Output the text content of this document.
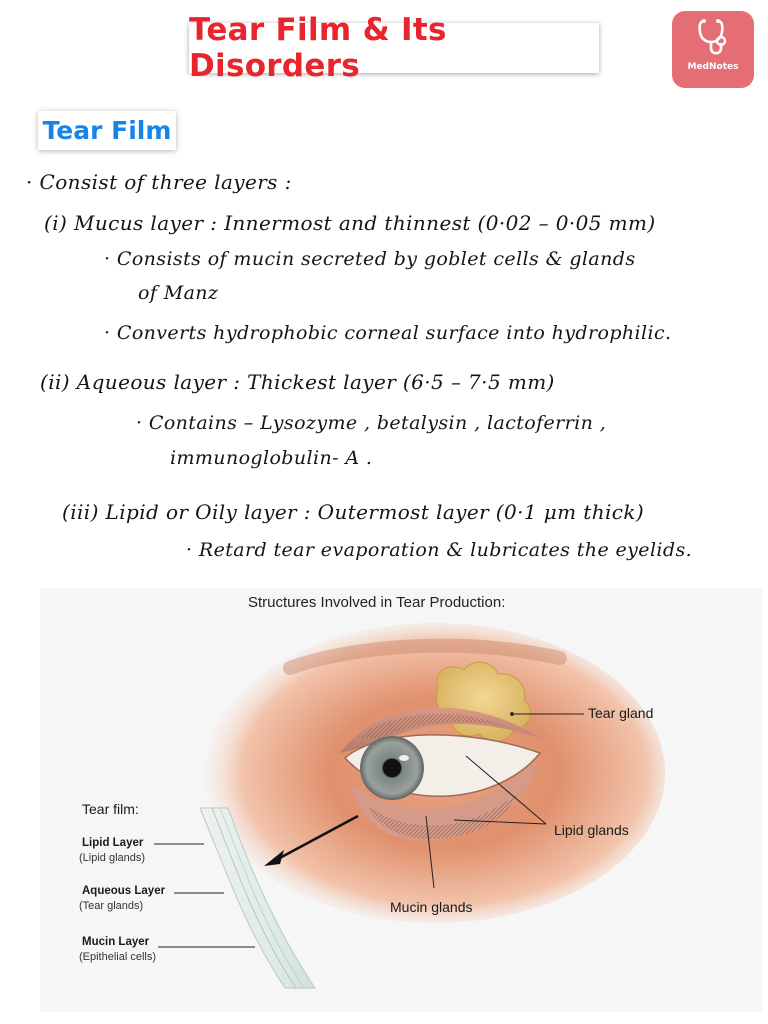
Tear Film & Its Disorders	MedNotes
Tear Film
· Consist of three layers :
(i) Mucus layer : Innermost and thinnest (0·02 – 0·05 mm)
· Consists of mucin secreted by goblet cells & glands
of Manz
· Converts hydrophobic corneal surface into hydrophilic.
(ii) Aqueous layer : Thickest layer (6·5 – 7·5 mm)
· Contains – Lysozyme , betalysin , lactoferrin ,
immunoglobulin- A .
(iii) Lipid or Oily layer : Outermost layer (0·1 μm thick)
· Retard tear evaporation & lubricates the eyelids.
Structures Involved in Tear Production:
Tear gland
Lipid glands
Mucin glands
Tear film:
Lipid Layer
(Lipid glands)
Aqueous Layer
(Tear glands)
Mucin Layer
(Epithelial cells)
